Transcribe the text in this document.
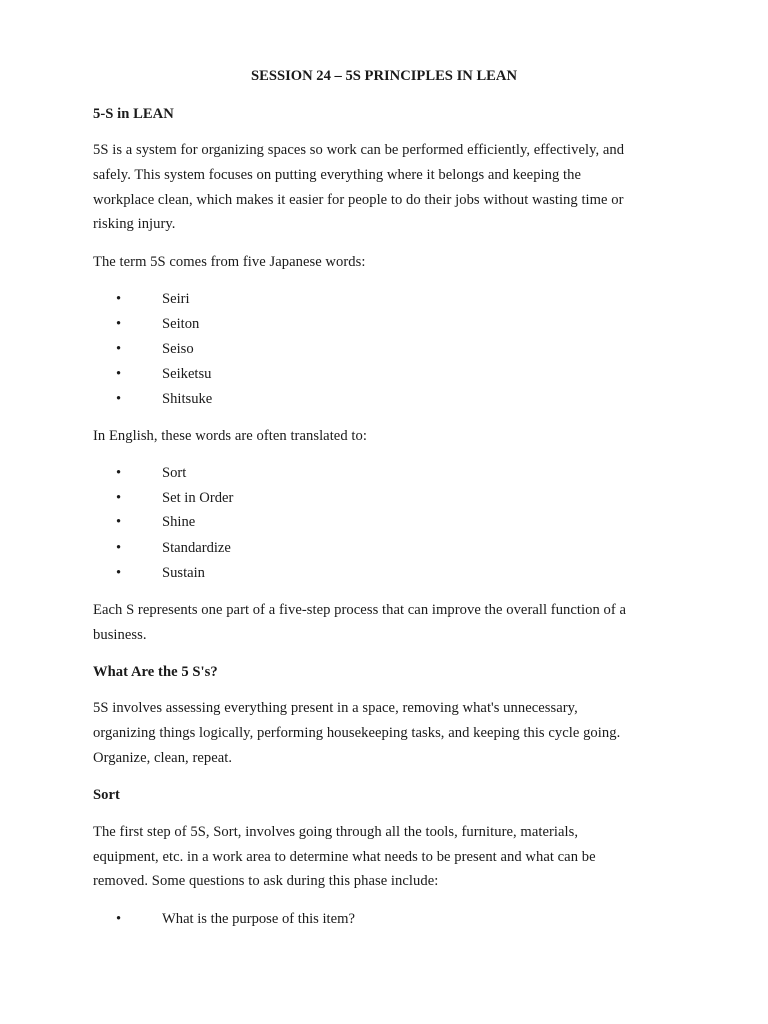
SESSION 24 – 5S PRINCIPLES IN LEAN
5-S in LEAN
5S is a system for organizing spaces so work can be performed efficiently, effectively, and
safely. This system focuses on putting everything where it belongs and keeping the
workplace clean, which makes it easier for people to do their jobs without wasting time or
risking injury.
The term 5S comes from five Japanese words:
•	Seiri
•	Seiton
•	Seiso
•	Seiketsu
•	Shitsuke
In English, these words are often translated to:
•	Sort
•	Set in Order
•	Shine
•	Standardize
•	Sustain
Each S represents one part of a five-step process that can improve the overall function of a
business.
What Are the 5 S's?
5S involves assessing everything present in a space, removing what's unnecessary,
organizing things logically, performing housekeeping tasks, and keeping this cycle going.
Organize, clean, repeat.
Sort
The first step of 5S, Sort, involves going through all the tools, furniture, materials,
equipment, etc. in a work area to determine what needs to be present and what can be
removed. Some questions to ask during this phase include:
•	What is the purpose of this item?
